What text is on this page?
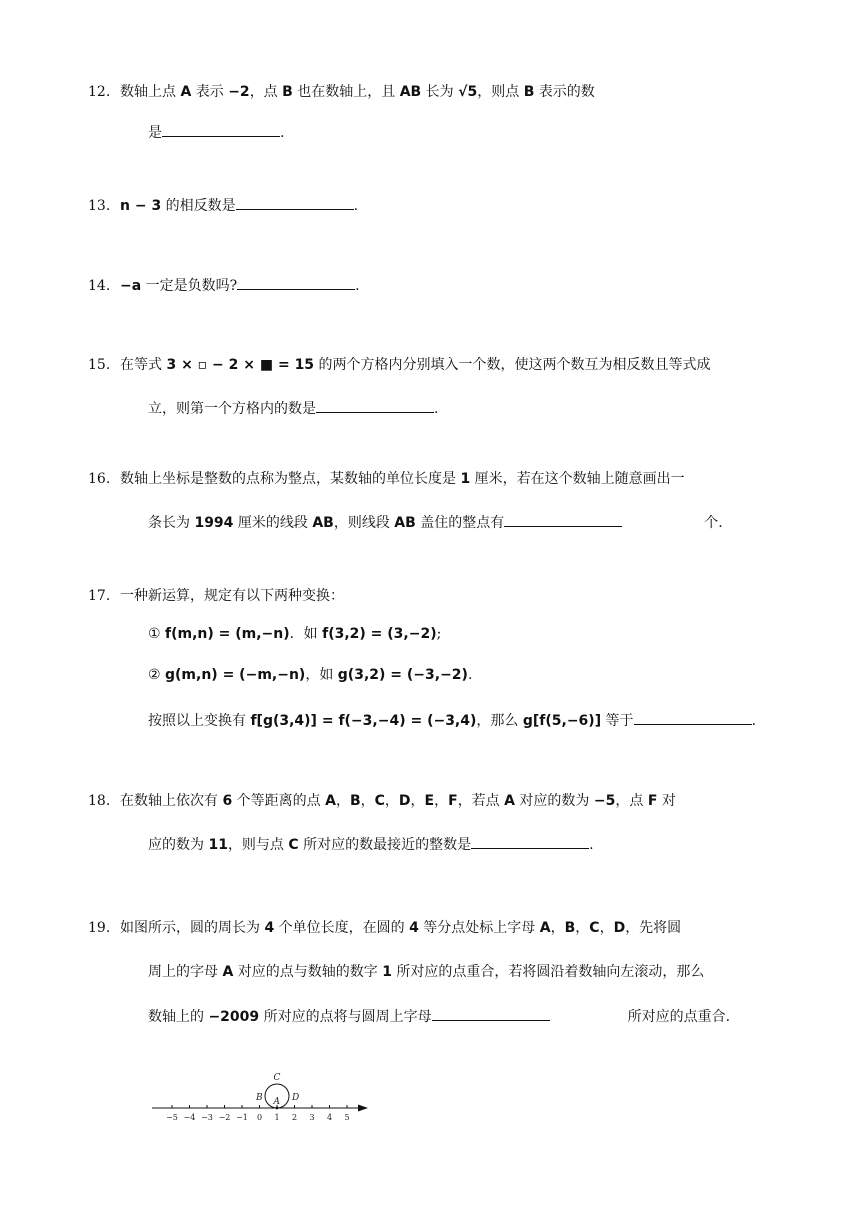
12. 数轴上点 A 表示 −2，点 B 也在数轴上，且 AB 长为 √5，则点 B 表示的数
是	.
13. n − 3 的相反数是	.
14. −a 一定是负数吗?	.
15. 在等式 3 × ▫ − 2 × ■ = 15 的两个方格内分别填入一个数，使这两个数互为相反数且等式成
立，则第一个方格内的数是	.
16. 数轴上坐标是整数的点称为整点，某数轴的单位长度是 1 厘米，若在这个数轴上随意画出一
条长为 1994 厘米的线段 AB，则线段 AB 盖住的整点有	个.
17. 一种新运算，规定有以下两种变换：
① f(m,n) = (m,−n)．如 f(3,2) = (3,−2);
② g(m,n) = (−m,−n)，如 g(3,2) = (−3,−2).
按照以上变换有 f[g(3,4)] = f(−3,−4) = (−3,4)，那么 g[f(5,−6)] 等于	.
18. 在数轴上依次有 6 个等距离的点 A，B，C，D，E，F，若点 A 对应的数为 −5，点 F 对
应的数为 11，则与点 C 所对应的数最接近的整数是	.
19. 如图所示，圆的周长为 4 个单位长度，在圆的 4 等分点处标上字母 A，B，C，D，先将圆
周上的字母 A 对应的点与数轴的数字 1 所对应的点重合，若将圆沿着数轴向左滚动，那么
数轴上的 −2009 所对应的点将与圆周上字母	所对应的点重合.
−5 −4 −3 −2 −1 0 1 2 3 4 5
C
B	D
A
